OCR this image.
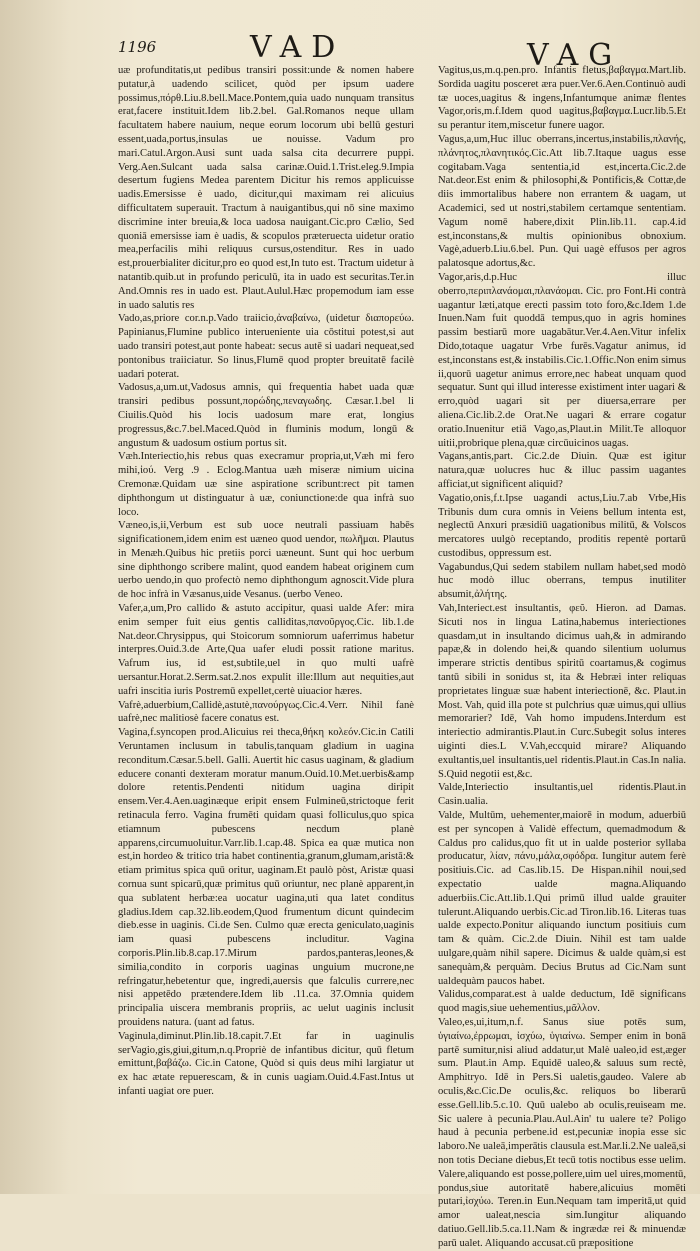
1196	VAD	VAG

uæ profunditatis,ut pedibus transiri possit:unde & nomen habere putatur,à uadendo scilicet, quòd per ipsum uadere possimus,πόρθ.Liu.8.bell.Mace.Pontem,quia uado nunquam transitus erat,facere instituit.Idem lib.2.bel. Gal.Romanos neque ullam facultatem habere nauium, neque eorum locorum ubi bellū gesturi essent,uada,portus,insulas ue nouisse. Vadum pro mari.Catul.Argon.Ausi sunt uada salsa cita decurrere puppi. Verg.Aen.Sulcant uada salsa carinæ.Ouid.1.Trist.eleg.9.Impia desertum fugiens Medea parentem Dicitur his remos applicuisse uadis.Emersisse è uado, dicitur,qui maximam rei alicuius difficultatem superauit. Tractum à nauigantibus,qui nō sine maximo discrimine inter breuia,& loca uadosa nauigant.Cic.pro Cælio, Sed quoniā emersisse iam è uadis, & scopulos præteruecta uidetur oratio mea,perfacilis mihi reliquus cursus,ostenditur. Res in uado est,prouerbialiter dicitur,pro eo quod est,In tuto est. Tractum uidetur à natantib.quib.ut in profundo periculū, ita in uado est securitas.Ter.in And.Omnis res in uado est. Plaut.Aulul.Hæc propemodum iam esse in uado salutis res

Vado,as,priore cor.n.p.Vado traiicio,ἀναβαίνω, (uidetur διαπορεύω. Papinianus,Flumine publico interueniente uia cōstitui potest,si aut uado transiri potest,aut ponte habeat: secus autē si uadari nequeat,sed pontonibus traiiciatur. So linus,Flumē quod propter breuitatē facilè uadari poterat.

Vadosus,a,um.ut,Vadosus amnis, qui frequentia habet uada quæ transiri pedibus possunt,πορώδης,πεναγωδης. Cæsar.1.bel li Ciuilis.Quòd his locis uadosum mare erat, longius progressus,&c.7.bel.Maced.Quòd in fluminis modum, longū & angustum & uadosum ostium portus sit.

Væh.Interiectio,his rebus quas execramur propria,ut,Væh mi fero mihi,ἰού. Verg .9 . Eclog.Mantua uæh miseræ nimium uicina Cremonæ.Quidam uæ sine aspiratione scribunt:rect pit tamen diphthongum ut distinguatur à uæ, coniunctione:de qua infrà suo loco.

Væneo,is,ii,Verbum est sub uoce neutrali passiuam habēs significationem,idem enim est uæneo quod uendor, πωλῆμαι. Plautus in Menæh.Quibus hic pretiis porci uæneunt. Sunt qui hoc uerbum sine diphthongo scribere malint, quod eandem habeat originem cum uerbo uendo,in quo profectò nemo diphthongum agnoscit.Vide plura de hoc infrà in Væsanus,uide Vesanus. (uerbo Veneo.

Vafer,a,um,Pro callido & astuto accipitur, quasi ualde Afer: mira enim semper fuit eius gentis calliditas,πανοῦργος.Cic. lib.1.de Nat.deor.Chrysippus, qui Stoicorum somniorum uaferrimus habetur interpres.Ouid.3.de Arte,Qua uafer eludi possit ratione maritus. Vafrum ius, id est,subtile,uel in quo multi uafrè uersantur.Horat.2.Serm.sat.2.nos expulit ille:Illum aut nequities,aut uafri inscitia iuris Postremū expellet,certè uiuacior hæres.

Vafrè,aduerbium,Callidè,astutè,πανούργως.Cic.4.Verr. Nihil fanè uafrè,nec malitiosè facere conatus est.

Vagina,f.syncopen prod.Alicuius rei theca,θήκη κολεόν.Cic.in Catili Veruntamen inclusum in tabulis,tanquam gladium in uagina reconditum.Cæsar.5.bell. Galli. Auertit hic casus uaginam, & gladium educere conanti dexteram moratur manum.Ouid.10.Met.uerbis&amp dolore retentis.Pendenti nitidum uagina diripit ensem.Ver.4.Aen.uaginæque eripit ensem Fulmineū,strictoque ferit retinacula ferro. Vagina frumēti quidam quasi folliculus,quo spica etiamnum pubescens necdum planè apparens,circumuoluitur.Varr.lib.1.cap.48. Spica ea quæ mutica non est,in hordeo & tritico tria habet continentia,granum,glumam,aristā:& etiam primitus spica quū oritur, uaginam.Et paulò pòst, Aristæ quasi cornua sunt spicarū,quæ primitus quū oriuntur, nec planè apparent,in qua sublatent herbæ:ea uocatur uagina,uti qua latet conditus gladius.Idem cap.32.lib.eodem,Quod frumentum dicunt quindecim dieb.esse in uaginis. Ci.de Sen. Culmo quæ erecta geniculato,uaginis iam quasi pubescens includitur. Vagina corporis.Plin.lib.8.cap.17.Mirum pardos,panteras,leones,& similia,condito in corporis uaginas unguium mucrone,ne refringatur,hebetentur que, ingredi,auersis que falculis currere,nec nisi appetēdo prætendere.Idem lib .11.ca. 37.Omnia quidem principalia uiscera membranis propriis, ac uelut uaginis inclusit prouidens natura. (uant ad fatus.

Vaginula,diminut.Plin.lib.18.capit.7.Et far in uaginulis serVagio,gis,giui,gitum,n.q.Propriè de infantibus dicitur, quū fletum emittunt,βαβάζω. Cic.in Catone, Quòd si quis deus mihi largiatur ut ex hac ætate repuerescam, & in cunis uagiam.Ouid.4.Fast.Intus ut infanti uagiat ore puer.

Vagitus,us,m.q.pen.pro. Infantis fletus,βαβαγμα.Mart.lib. Sordida uagitu posceret æra puer.Ver.6.Aen.Continuò audi tæ uoces,uagitus & ingens,Infantumque animæ flentes Vagor,oris,m.f.Idem quod uagitus,βαβαγμα.Lucr.lib.5.Et su perantur item,miscetur funere uagor.

Vagus,a,um,Huc illuc oberrans,incertus,instabilis,πλανής, πλάνητος,πλανητικός.Cic.Att lib.7.Itaque uagus esse cogitabam.Vaga sententia,id est,incerta.Cic.2.de Nat.deor.Est enim & philosophi,& Pontificis,& Cottæ,de diis immortalibus habere non errantem & uagam, ut Academici, sed ut nostri,stabilem certamque sententiam. Vagum nomē habere,dixit Plin.lib.11. cap.4.id est,inconstans,& multis opinionibus obnoxium. Vagè,aduerb.Liu.6.bel. Pun. Qui uagè effusos per agros palatosque adortus,&c.

Vagor,aris,d.p.Huc illuc oberro,περιπλανάομαι,πλανάομαι. Cic. pro Font.Hi contrà uagantur læti,atque erecti passim toto foro,&c.Idem 1.de Inuen.Nam fuit quoddā tempus,quo in agris homines passim bestiarū more uagabātur.Ver.4.Aen.Vitur infelix Dido,totaque uagatur Vrbe furēs.Vagatur animus, id est,inconstans est,& instabilis.Cic.1.Offic.Non enim simus ii,quorū uagetur animus errore,nec habeat unquam quod sequatur. Sunt qui illud interesse existiment inter uagari & erro,quòd uagari sit per diuersa,errare per aliena.Cic.lib.2.de Orat.Ne uagari & errare cogatur oratio.Inuenitur etiā Vago,as,Plaut.in Milit.Te alloquor uitii,probrique plena,quæ circūuicinos uagas.

Vagans,antis,part. Cic.2.de Diuin. Quæ est igitur natura,quæ uolucres huc & illuc passim uagantes afficiat,ut significent aliquid?

Vagatio,onis,f.t.Ipse uagandi actus,Liu.7.ab Vrbe,His Tribunis dum cura omnis in Veiens bellum intenta est, neglectū Anxuri præsidiū uagationibus militū, & Volscos mercatores uulgò receptando, proditis repentè portarū custodibus, oppressum est.

Vagabundus,Qui sedem stabilem nullam habet,sed modò huc modò illuc oberrans, tempus inutiliter absumit,ἀλήτης.

Vah,Interiect.est insultantis, φεῦ. Hieron. ad Damas. Sicuti nos in lingua Latina,habemus interiectiones quasdam,ut in insultando dicimus uah,& in admirando papæ,& in dolendo hei,& quando silentium uolumus imperare strictis dentibus spiritū coartamus,& cogimus tantū sibili in sonidus st, ita & Hebræi inter reliquas proprietates linguæ suæ habent interiectionē, &c. Plaut.in Most. Vah, quid illa pote st pulchrius quæ uimus,qui ullius memorarier? Idē, Vah homo impudens.Interdum est interiectio admirantis.Plaut.in Curc.Subegit solus interes uiginti dies.L V.Vah,eccquid mirare? Aliquando exultantis,uel insultantis,uel ridentis.Plaut.in Cas.In nalia. S.Quid negotii est,&c.

Valde,Interiectio insultantis,uel ridentis.Plaut.in Casin.ualia.

Valde, Multūm, uehementer,maiorē in modum, aduerbiū est per syncopen à Validè effectum, quemadmodum & Caldus pro calidus,quo fit ut in ualde posterior syllaba producatur, λίαν, πάνυ,μάλα,σφόδρα. Iungitur autem ferè positiuis.Cic. ad Cas.lib.15. De Hispan.nihil noui,sed expectatio ualde magna.Aliquando aduerbiis.Cic.Att.lib.1.Qui primū illud ualde grauiter tulerunt.Aliquando uerbis.Cic.ad Tiron.lib.16. Literas tuas ualde expecto.Ponitur aliquando iunctum positiuis cum tam & quàm. Cic.2.de Diuin. Nihil est tam ualde uulgare,quàm nihil sapere. Dicimus & ualde quàm,si est sanequàm,& perquàm. Decius Brutus ad Cic.Nam sunt ualdequàm paucos habet.

Validus,comparat.est à ualde deductum, Idē significans quod magis,siue uehementius,μᾶλλον.

Valeo,es,ui,itum,n.f. Sanus siue potēs sum, ὑγιαίνω,ἐρρωμαι, ἰσχύω, ὑγιαίνω. Semper enim in bonā partē sumitur,nisi aliud addatur,ut Malè ualeo,id est,æger sum. Plaut.in Amp. Equidē ualeo,& saluus sum rectè, Amphitryo. Idē in Pers.Si ualetis,gaudeo. Valere ab oculis,&c.Cic.De oculis,&c. reliquos bo liberarū esse.Gell.lib.5.c.10. Quū ualebo ab oculis,reuiseam me. Sic ualere à pecunia.Plau.Aul.Ain' tu ualere te? Poligo haud à pecunia perbene.id est,pecuniæ inopia esse sic laboro.Ne ualeā,imperātis clausula est.Mar.li.2.Ne ualeā,si non totis Deciane diebus,Et tecū totis noctibus esse uelim. Valere,aliquando est posse,pollere,uim uel uires,momentū, pondus,siue autoritatē habere,alicuius momēti putari,ἰσχύω. Teren.in Eun.Nequam tam imperitā,ut quid amor ualeat,nescia sim.Iungitur aliquando datiuo.Gell.lib.5.ca.11.Nam & ingrædæ rei & minuendæ parū ualet. Aliquando accusat.cū præpositione
